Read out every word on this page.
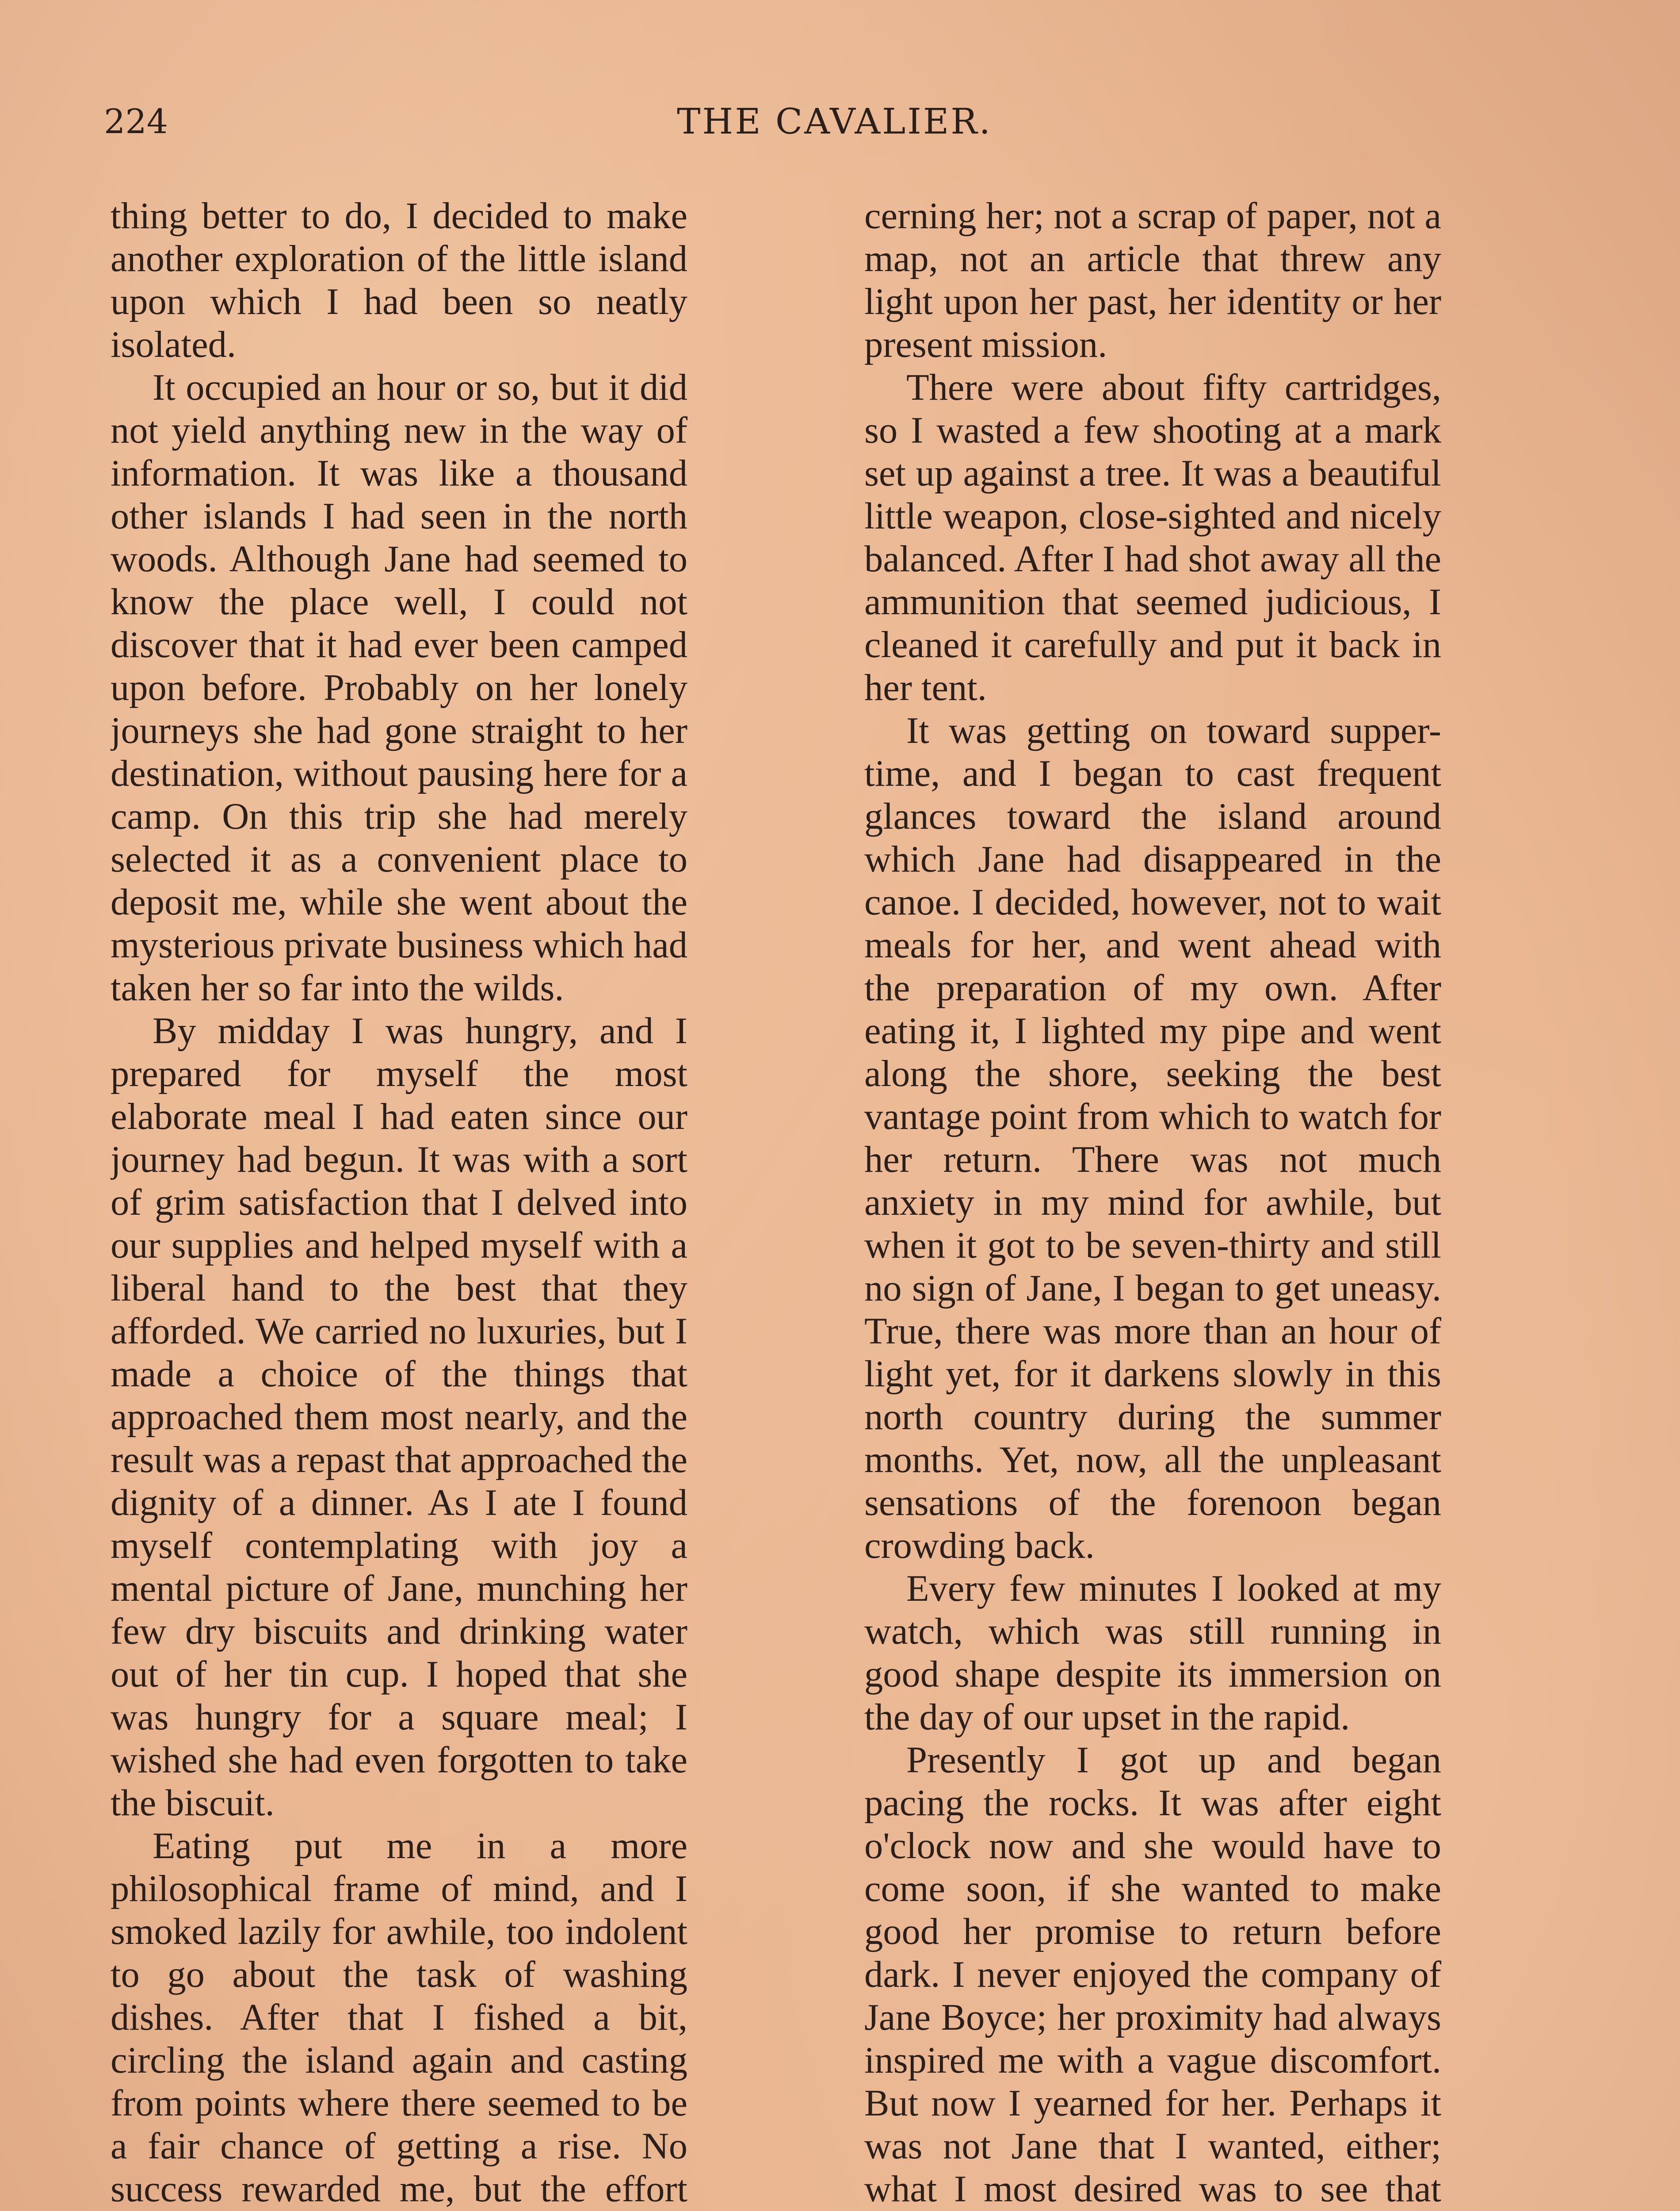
224	THE CAVALIER.

thing better to do, I decided to make another exploration of the little island upon which I had been so neatly isolated.

It occupied an hour or so, but it did not yield anything new in the way of information. It was like a thousand other islands I had seen in the north woods. Although Jane had seemed to know the place well, I could not discover that it had ever been camped upon before. Probably on her lonely journeys she had gone straight to her destination, without pausing here for a camp. On this trip she had merely selected it as a convenient place to deposit me, while she went about the mysterious private business which had taken her so far into the wilds.

By midday I was hungry, and I prepared for myself the most elaborate meal I had eaten since our journey had begun. It was with a sort of grim satisfaction that I delved into our supplies and helped myself with a liberal hand to the best that they afforded. We carried no luxuries, but I made a choice of the things that approached them most nearly, and the result was a repast that approached the dignity of a dinner. As I ate I found myself contemplating with joy a mental picture of Jane, munching her few dry biscuits and drinking water out of her tin cup. I hoped that she was hungry for a square meal; I wished she had even forgotten to take the biscuit.

Eating put me in a more philosophical frame of mind, and I smoked lazily for awhile, too indolent to go about the task of washing dishes. After that I fished a bit, circling the island again and casting from points where there seemed to be a fair chance of getting a rise. No success rewarded me, but the effort

cerning her; not a scrap of paper, not a map, not an article that threw any light upon her past, her identity or her present mission.

There were about fifty cartridges, so I wasted a few shooting at a mark set up against a tree. It was a beautiful little weapon, close-sighted and nicely balanced. After I had shot away all the ammunition that seemed judicious, I cleaned it carefully and put it back in her tent.

It was getting on toward supper-time, and I began to cast frequent glances toward the island around which Jane had disappeared in the canoe. I decided, however, not to wait meals for her, and went ahead with the preparation of my own. After eating it, I lighted my pipe and went along the shore, seeking the best vantage point from which to watch for her return. There was not much anxiety in my mind for awhile, but when it got to be seven-thirty and still no sign of Jane, I began to get uneasy. True, there was more than an hour of light yet, for it darkens slowly in this north country during the summer months. Yet, now, all the unpleasant sensations of the forenoon began crowding back.

Every few minutes I looked at my watch, which was still running in good shape despite its immersion on the day of our upset in the rapid.

Presently I got up and began pacing the rocks. It was after eight o'clock now and she would have to come soon, if she wanted to make good her promise to return before dark. I never enjoyed the company of Jane Boyce; her proximity had always inspired me with a vague discomfort. But now I yearned for her. Perhaps it was not Jane that I wanted, either; what I most desired was to see that
